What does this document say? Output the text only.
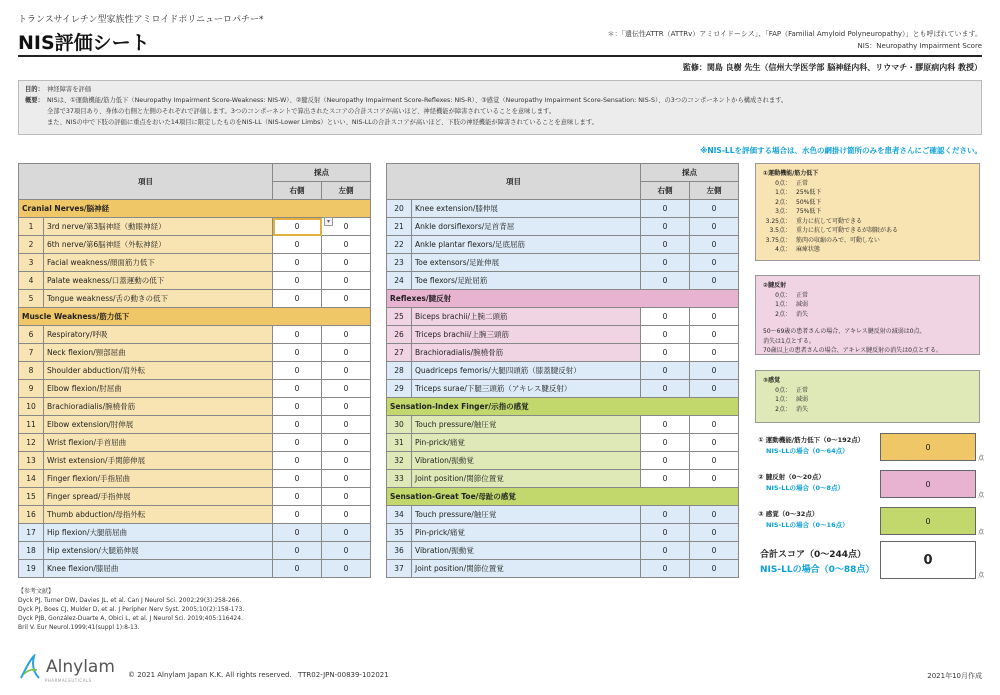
トランスサイレチン型家族性アミロイドポリニューロパチー*
NIS評価シート	＊：「遺伝性ATTR（ATTRv）アミロイドーシス」、「FAP（Familial Amyloid Polyneuropathy）」とも呼ばれています。
NIS：Neuropathy Impairment Score
監修：関島 良樹 先生（信州大学医学部 脳神経内科、リウマチ・膠原病内科 教授）
目的： 神経障害を評価
概要： NISは、①運動機能/筋力低下（Neuropathy Impairment Score-Weakness: NIS-W）、②腱反射（Neuropathy Impairment Score-Reflexes: NIS-R）、③感覚（Neuropathy Impairment Score-Sensation: NIS-S）、の3つのコンポーネントから構成されます。
全部で37項目あり、身体の右側と左側のそれぞれで評価します。3つのコンポーネントで算出されたスコアの合計スコアが高いほど、神経機能が障害されていることを意味します。
また、NISの中で下肢の評価に重点をおいた14項目に限定したものをNIS-LL（NIS-Lower Limbs）といい、NIS-LLの合計スコアが高いほど、下肢の神経機能が障害されていることを意味します。
※NIS-LLを評価する場合は、水色の網掛け箇所のみを患者さんにご確認ください。
項目		採点	
		右側	左側
Cranial Nerves/脳神経			
1	3rd nerve/第3脳神経（動眼神経）	0	0
2	6th nerve/第6脳神経（外転神経）	0	0
3	Facial weakness/顔面筋力低下	0	0
4	Palate weakness/口蓋運動の低下	0	0
5	Tongue weakness/舌の動きの低下	0	0
Muscle Weakness/筋力低下			
6	Respiratory/呼吸	0	0
7	Neck flexion/頸部屈曲	0	0
8	Shoulder abduction/肩外転	0	0
9	Elbow flexion/肘屈曲	0	0
10	Brachioradialis/腕橈骨筋	0	0
11	Elbow extension/肘伸展	0	0
12	Wrist flexion/手首屈曲	0	0
13	Wrist extension/手関節伸展	0	0
14	Finger flexion/手指屈曲	0	0
15	Finger spread/手指伸展	0	0
16	Thumb abduction/母指外転	0	0
17	Hip flexion/大腿筋屈曲	0	0
18	Hip extension/大腿筋伸展	0	0
19	Knee flexion/膝屈曲	0	0
▾
項目		採点	
		右側	左側
20	Knee extension/膝伸展	0	0
21	Ankle dorsiflexors/足首背屈	0	0
22	Ankle plantar flexors/足底屈筋	0	0
23	Toe extensors/足趾伸展	0	0
24	Toe flexors/足趾屈筋	0	0
Reflexes/腱反射			
25	Biceps brachii/上腕二頭筋	0	0
26	Triceps brachii/上腕三頭筋	0	0
27	Brachioradialis/腕橈骨筋	0	0
28	Quadriceps femoris/大腿四頭筋（膝蓋腱反射）	0	0
29	Triceps surae/下腿三頭筋（アキレス腱反射）	0	0
Sensation-Index Finger/示指の感覚			
30	Touch pressure/触圧覚	0	0
31	Pin-prick/痛覚	0	0
32	Vibration/振動覚	0	0
33	Joint position/関節位置覚	0	0
Sensation-Great Toe/母趾の感覚			
34	Touch pressure/触圧覚	0	0
35	Pin-prick/痛覚	0	0
36	Vibration/振動覚	0	0
37	Joint position/関節位置覚	0	0
①運動機能/筋力低下
0点： 正常
1点： 25%低下
2点： 50%低下
3点： 75%低下
3.25点： 重力に抗して可動できる
3.5点： 重力に抗して可動できるが制限がある
3.75点： 筋肉の収縮のみで、可動しない
4点： 麻痺状態
②腱反射
0点： 正常
1点： 減弱
2点： 消失
50〜69歳の患者さんの場合、アキレス腱反射の減弱は0点、
消失は1点とする。
70歳以上の患者さんの場合、アキレス腱反射の消失は0点とする。
③感覚
0点： 正常
1点： 減弱
2点： 消失
① 運動機能/筋力低下（0〜192点）
NIS-LLの場合（0〜64点）	0
点
② 腱反射（0〜20点）
NIS-LLの場合（0〜8点）	0
点
③ 感覚（0〜32点）
NIS-LLの場合（0〜16点）	0
点
合計スコア（0〜244点）
NIS-LLの場合（0〜88点）
0
点
【参考文献】
Dyck PJ, Turner DW, Davies JL, et al. Can J Neurol Sci. 2002;29(3):258-266.
Dyck PJ, Boes CJ, Mulder D, et al. J Peripher Nerv Syst. 2005;10(2):158-173.
Dyck PJB, González-Duarte A, Obici L, et al. J Neurol Sci. 2019;405:116424.
Bril V. Eur Neurol.1999;41(suppl 1):8-13.
Alnylam
PHARMACEUTICALS
© 2021 Alnylam Japan K.K. All rights reserved. TTR02-JPN-00839-102021	2021年10月作成
